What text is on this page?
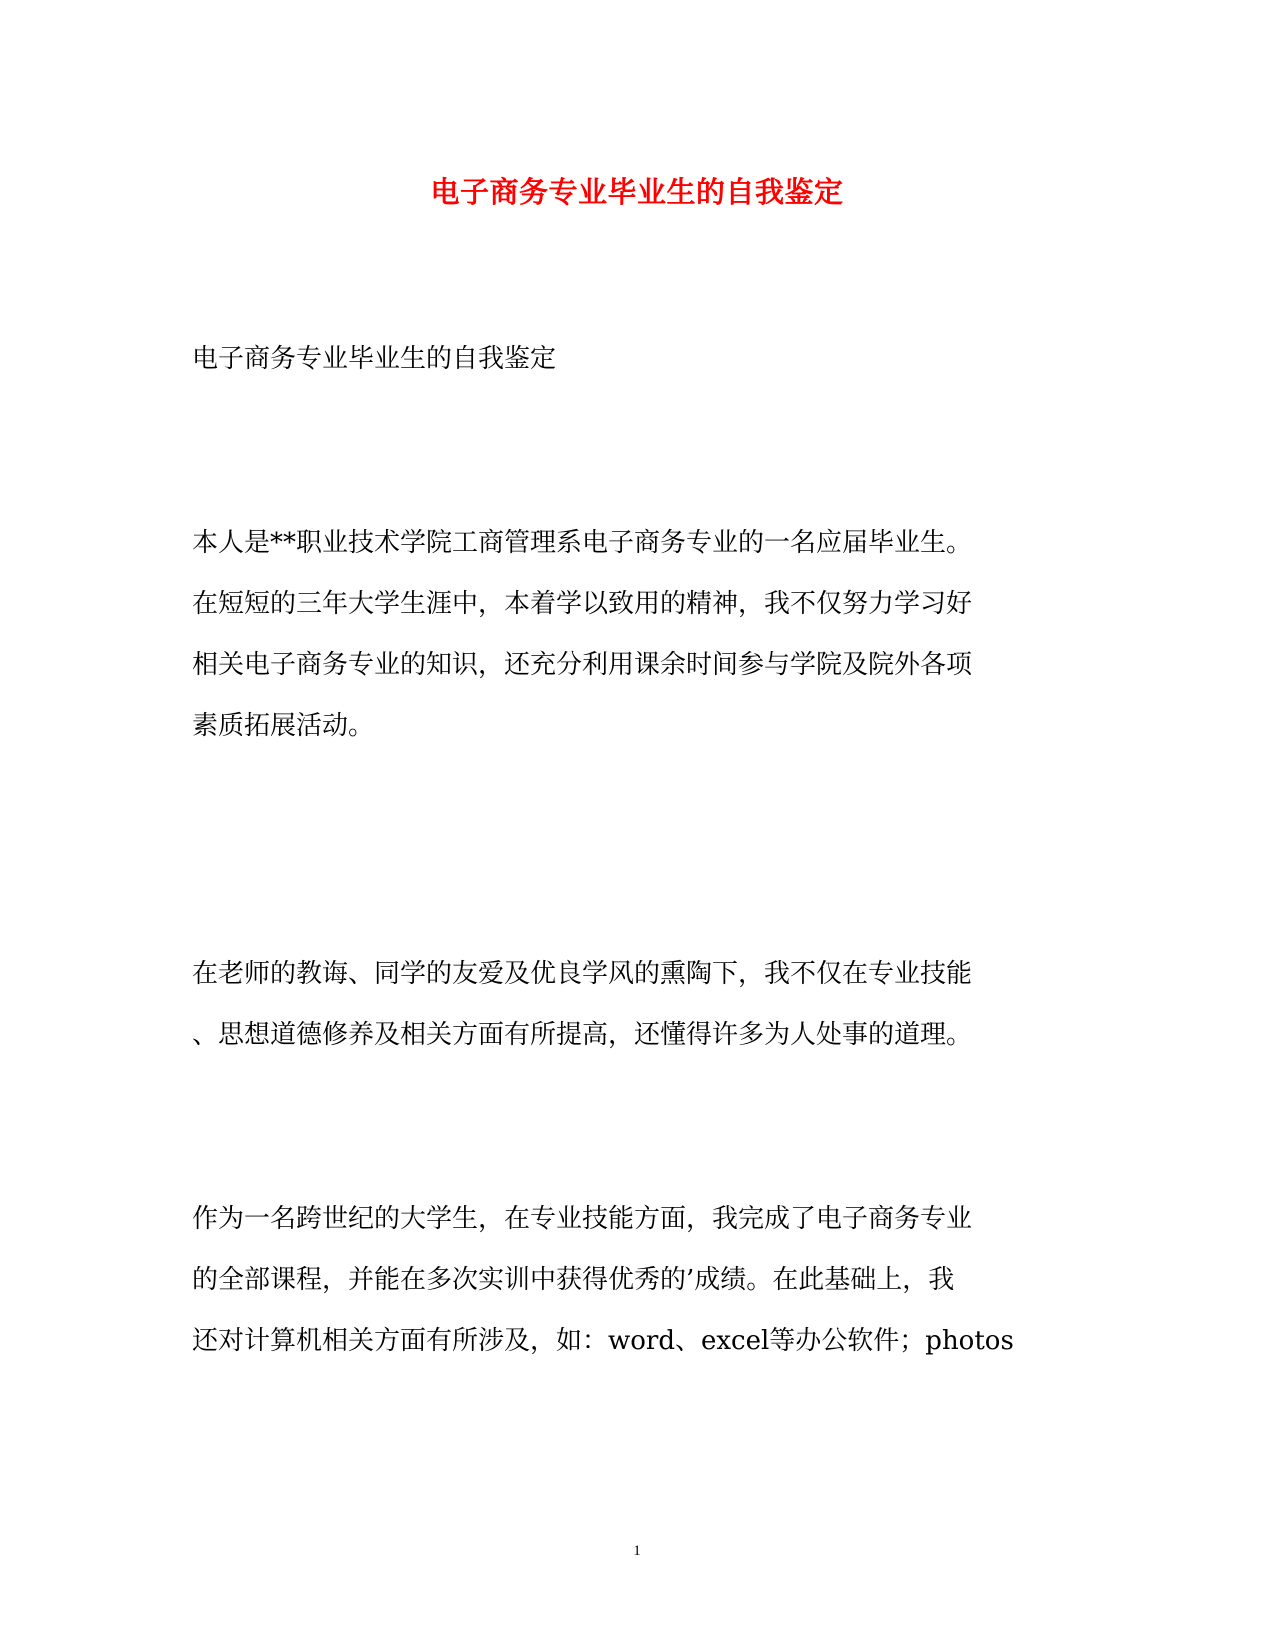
电子商务专业毕业生的自我鉴定
电子商务专业毕业生的自我鉴定
本人是**职业技术学院工商管理系电子商务专业的一名应届毕业生。
在短短的三年大学生涯中，本着学以致用的精神，我不仅努力学习好
相关电子商务专业的知识，还充分利用课余时间参与学院及院外各项
素质拓展活动。
在老师的教诲、同学的友爱及优良学风的熏陶下，我不仅在专业技能
、思想道德修养及相关方面有所提高，还懂得许多为人处事的道理。
作为一名跨世纪的大学生，在专业技能方面，我完成了电子商务专业
的全部课程，并能在多次实训中获得优秀的’成绩。在此基础上，我
还对计算机相关方面有所涉及，如：word、excel等办公软件；photos
1
